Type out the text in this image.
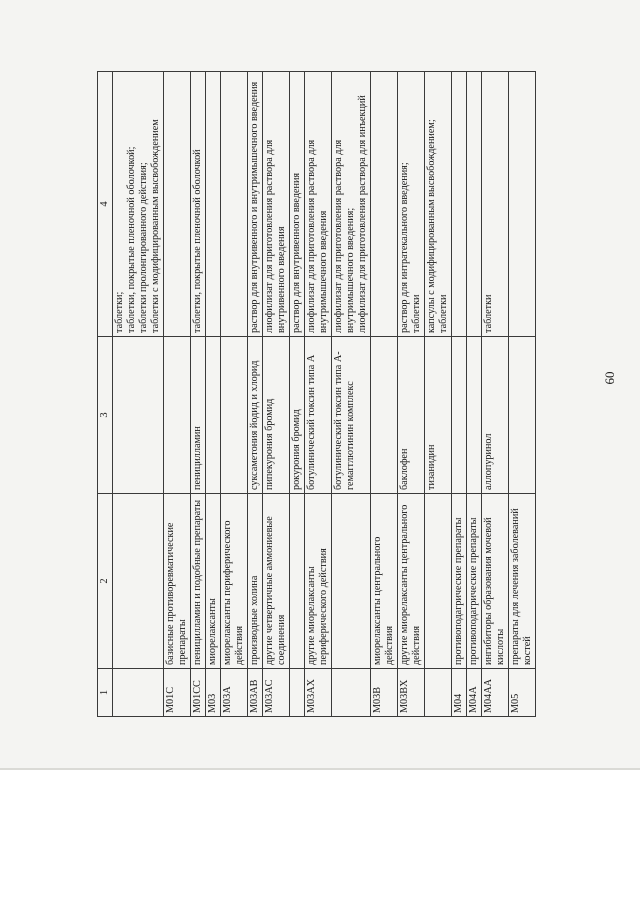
60
1	2	3	4

			таблетки; таблетки, покрытые пленочной оболочкой; таблетки пролонгированного действия; таблетки с модифицированным высвобождением

M01C	базисные противоревматические препараты		
M01CC	пеницилламин и подобные препараты	пеницилламин	таблетки, покрытые пленочной оболочкой

M03	миорелаксанты		
M03A	миорелаксанты периферического действия		
M03AB	производные холина	суксаметония йодид и хлорид	раствор для внутривенного и внутримышечного введения

M03AC	другие четвертичные аммониевые соединения	пипекурония бромид	лиофилизат для приготовления раствора для внутривенного введения

		рокурония бромид	раствор для внутривенного введения

M03AX	другие миорелаксанты периферического действия	ботулинический токсин типа A	лиофилизат для приготовления раствора для внутримышечного введения

		ботулинический токсин типа A-гемагглютинин комплекс	лиофилизат для приготовления раствора для внутримышечного введения; лиофилизат для приготовления раствора для инъекций

M03B	миорелаксанты центрального действия		
M03BX	другие миорелаксанты центрального действия	баклофен	раствор для интратекального введения; таблетки

		тизанидин	капсулы с модифицированным высвобождением; таблетки

M04	противоподагрические препараты		
M04A	противоподагрические препараты		
M04AA	ингибиторы образования мочевой кислоты	аллопуринол	таблетки

M05	препараты для лечения заболеваний костей		
